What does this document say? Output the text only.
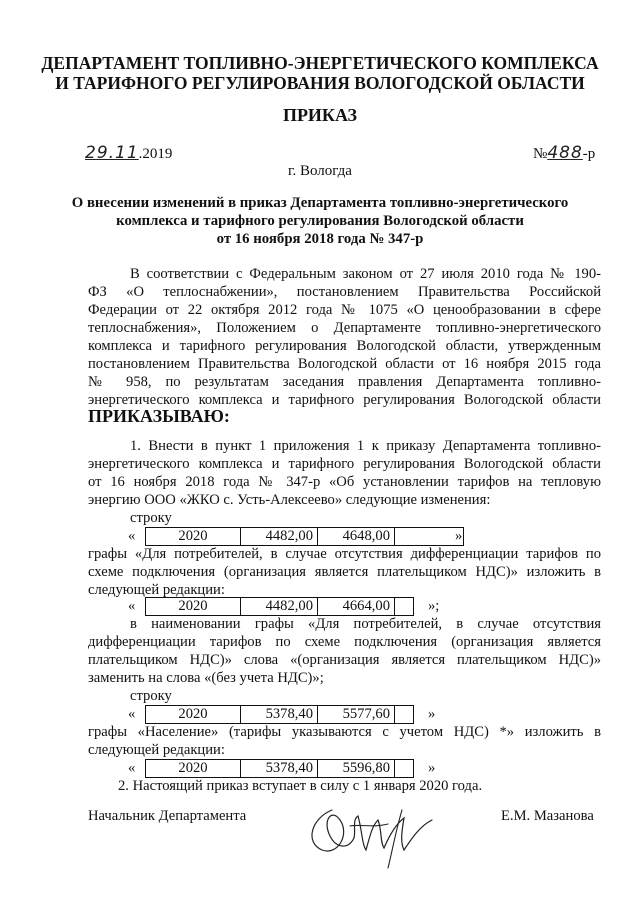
ДЕПАРТАМЕНТ ТОПЛИВНО-ЭНЕРГЕТИЧЕСКОГО КОМПЛЕКСА
И ТАРИФНОГО РЕГУЛИРОВАНИЯ ВОЛОГОДСКОЙ ОБЛАСТИ
ПРИКАЗ
29.11.2019	№488-р
г. Вологда
О внесении изменений в приказ Департамента топливно-энергетического
комплекса и тарифного регулирования Вологодской области
от 16 ноября 2018 года № 347-р
В соответствии с Федеральным законом от 27 июля 2010 года № 190-
ФЗ «О теплоснабжении», постановлением Правительства Российской
Федерации от 22 октября 2012 года № 1075 «О ценообразовании в сфере
теплоснабжения», Положением о Департаменте топливно-энергетического
комплекса и тарифного регулирования Вологодской области, утвержденным
постановлением Правительства Вологодской области от 16 ноября 2015 года
№ 958, по результатам заседания правления Департамента топливно-
энергетического комплекса и тарифного регулирования Вологодской области
ПРИКАЗЫВАЮ:
1. Внести в пункт 1 приложения 1 к приказу Департамента топливно-
энергетического комплекса и тарифного регулирования Вологодской области
от 16 ноября 2018 года № 347-р «Об установлении тарифов на тепловую
энергию ООО «ЖКО с. Усть-Алексеево» следующие изменения:
строку
«	2020	4482,00	4648,00		»
графы «Для потребителей, в случае отсутствия дифференциации тарифов по
схеме подключения (организация является плательщиком НДС)» изложить в
следующей редакции:
«	2020	4482,00	4664,00		»;
в наименовании графы «Для потребителей, в случае отсутствия
дифференциации тарифов по схеме подключения (организация является
плательщиком НДС)» слова «(организация является плательщиком НДС)»
заменить на слова «(без учета НДС)»;
строку
«	2020	5378,40	5577,60		»
графы «Население» (тарифы указываются с учетом НДС) *» изложить в
следующей редакции:
«	2020	5378,40	5596,80		»
2. Настоящий приказ вступает в силу с 1 января 2020 года.
Начальник Департамента	Е.М. Мазанова
